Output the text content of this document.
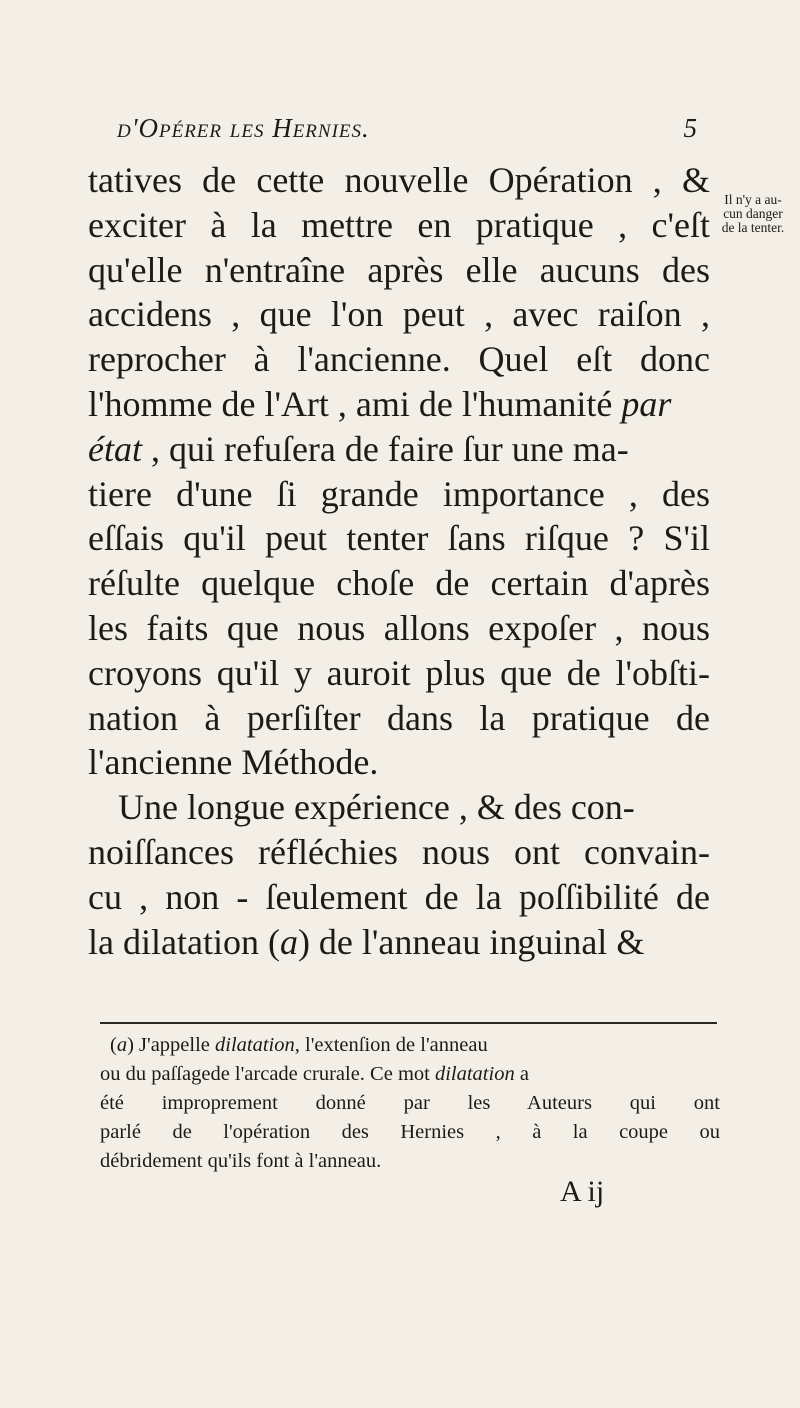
d'Opérer les Hernies.	5
tatives de cette nouvelle Opération , &
exciter à la mettre en pratique , c'eſt
qu'elle n'entraîne après elle aucuns des
accidens , que l'on peut , avec raiſon ,
reprocher à l'ancienne. Quel eſt donc
l'homme de l'Art , ami de l'humanité par
état , qui refuſera de faire ſur une ma-
tiere d'une ſi grande importance , des
eſſais qu'il peut tenter ſans riſque ? S'il
réſulte quelque choſe de certain d'après
les faits que nous allons expoſer , nous
croyons qu'il y auroit plus que de l'obſti-
nation à perſiſter dans la pratique de
l'ancienne Méthode.
Une longue expérience , & des con-
noiſſances réfléchies nous ont convain-
cu , non - ſeulement de la poſſibilité de
la dilatation (a) de l'anneau inguinal &
Il n'y a au-
cun danger
de la tenter.
(a) J'appelle dilatation, l'extenſion de l'anneau
ou du paſſagede l'arcade crurale. Ce mot dilatation a
été improprement donné par les Auteurs qui ont
parlé de l'opération des Hernies , à la coupe ou
débridement qu'ils font à l'anneau.
A ij
